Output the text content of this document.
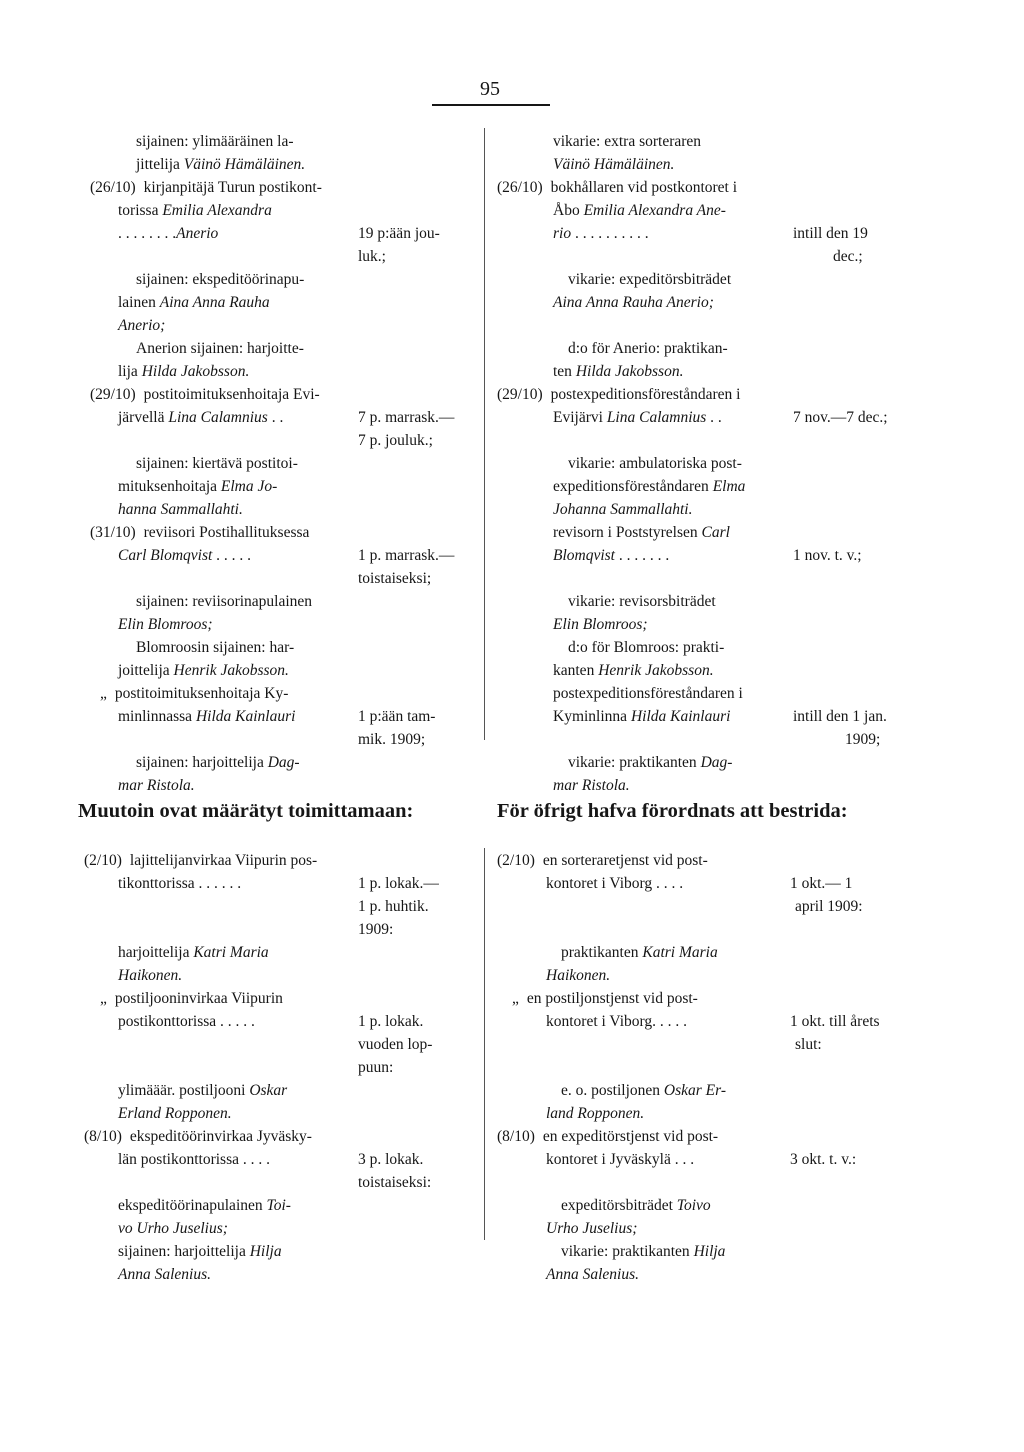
95
sijainen: ylimääräinen la-
jittelija Väinö Hämäläinen.
(26/10) kirjanpitäjä Turun postikont-
torissa Emilia Alexandra
. . . . . . . .Anerio
sijainen: ekspeditöörinapu-
lainen Aina Anna Rauha
Anerio;
Anerion sijainen: harjoitte-
lija Hilda Jakobsson.
(29/10) postitoimituksenhoitaja Evi-
järvellä Lina Calamnius . .
sijainen: kiertävä postitoi-
mituksenhoitaja Elma Jo-
hanna Sammallahti.
(31/10) reviisori Postihallituksessa
Carl Blomqvist . . . . .
sijainen: reviisorinapulainen
Elin Blomroos;
Blomroosin sijainen: har-
joittelija Henrik Jakobsson.
„ postitoimituksenhoitaja Ky-
minlinnassa Hilda Kainlauri
sijainen: harjoittelija Dag-
mar Ristola.
19 p:ään jou-
luk.;
7 p. marrask.—
7 p. jouluk.;
1 p. marrask.—
toistaiseksi;
1 p:ään tam-
mik. 1909;
vikarie: extra sorteraren
Väinö Hämäläinen.
(26/10) bokhållaren vid postkontoret i
Åbo Emilia Alexandra Ane-
rio . . . . . . . . . .
vikarie: expeditörsbiträdet
Aina Anna Rauha Anerio;
d:o för Anerio: praktikan-
ten Hilda Jakobsson.
(29/10) postexpeditionsföreståndaren i
Evijärvi Lina Calamnius . .
vikarie: ambulatoriska post-
expeditionsföreståndaren Elma
Johanna Sammallahti.
revisorn i Poststyrelsen Carl
Blomqvist . . . . . . .
vikarie: revisorsbiträdet
Elin Blomroos;
d:o för Blomroos: prakti-
kanten Henrik Jakobsson.
postexpeditionsföreståndaren i
Kyminlinna Hilda Kainlauri
vikarie: praktikanten Dag-
mar Ristola.
intill den 19
dec.;
7 nov.—7 dec.;
1 nov. t. v.;
intill den 1 jan.
1909;
Muutoin ovat määrätyt toimittamaan:	För öfrigt hafva förordnats att bestrida:
(2/10) lajittelijanvirkaa Viipurin pos-
tikonttorissa . . . . . .
harjoittelija Katri Maria
Haikonen.
„ postiljooninvirkaa Viipurin
postikonttorissa . . . . .
ylimääär. postiljooni Oskar
Erland Ropponen.
(8/10) ekspeditöörinvirkaa Jyväsky-
län postikonttorissa . . . .
ekspeditöörinapulainen Toi-
vo Urho Juselius;
sijainen: harjoittelija Hilja
Anna Salenius.
1 p. lokak.—
1 p. huhtik.
1909:
1 p. lokak.
vuoden lop-
puun:
3 p. lokak.
toistaiseksi:
(2/10) en sorteraretjenst vid post-
kontoret i Viborg . . . .
praktikanten Katri Maria
Haikonen.
„ en postiljonstjenst vid post-
kontoret i Viborg. . . . .
e. o. postiljonen Oskar Er-
land Ropponen.
(8/10) en expeditörstjenst vid post-
kontoret i Jyväskylä . . .
expeditörsbiträdet Toivo
Urho Juselius;
vikarie: praktikanten Hilja
Anna Salenius.
1 okt.— 1
april 1909:
1 okt. till årets
slut:
3 okt. t. v.:
